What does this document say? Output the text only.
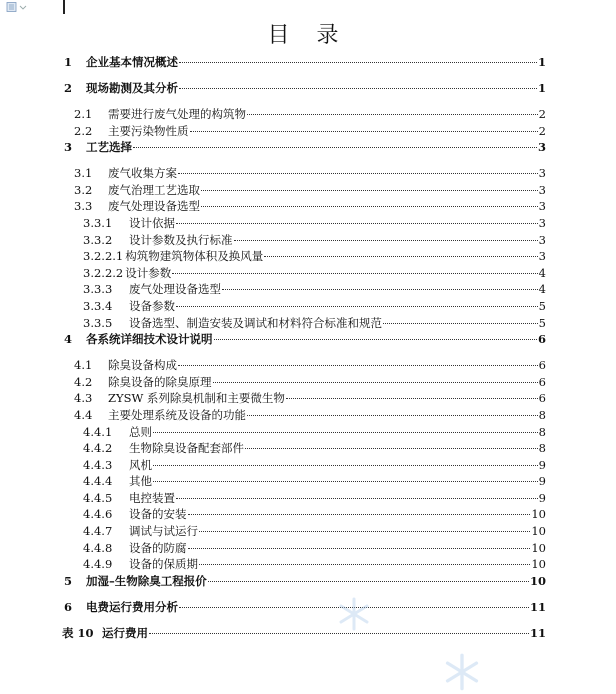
目 录
1	企业基本情况概述	1
2	现场勘测及其分析	1
2.1	需要进行废气处理的构筑物	2
2.2	主要污染物性质	2
3	工艺选择	3
3.1	废气收集方案	3
3.2	废气治理工艺选取	3
3.3	废气处理设备选型	3
3.3.1	设计依据	3
3.3.2	设计参数及执行标准	3
3.2.2.1 构筑物建筑物体积及换风量	3
3.2.2.2 设计参数	4
3.3.3	废气处理设备选型	4
3.3.4	设备参数	5
3.3.5	设备选型、制造安装及调试和材料符合标准和规范	5
4	各系统详细技术设计说明	6
4.1	除臭设备构成	6
4.2	除臭设备的除臭原理	6
4.3	ZYSW 系列除臭机制和主要微生物	6
4.4	主要处理系统及设备的功能	8
4.4.1	总则	8
4.4.2	生物除臭设备配套部件	8
4.4.3	风机	9
4.4.4	其他	9
4.4.5	电控装置	9
4.4.6	设备的安装	10
4.4.7	调试与试运行	10
4.4.8	设备的防腐	10
4.4.9	设备的保质期	10
5	加湿–生物除臭工程报价	10
6	电费运行费用分析	11
表 10 运行费用	11
